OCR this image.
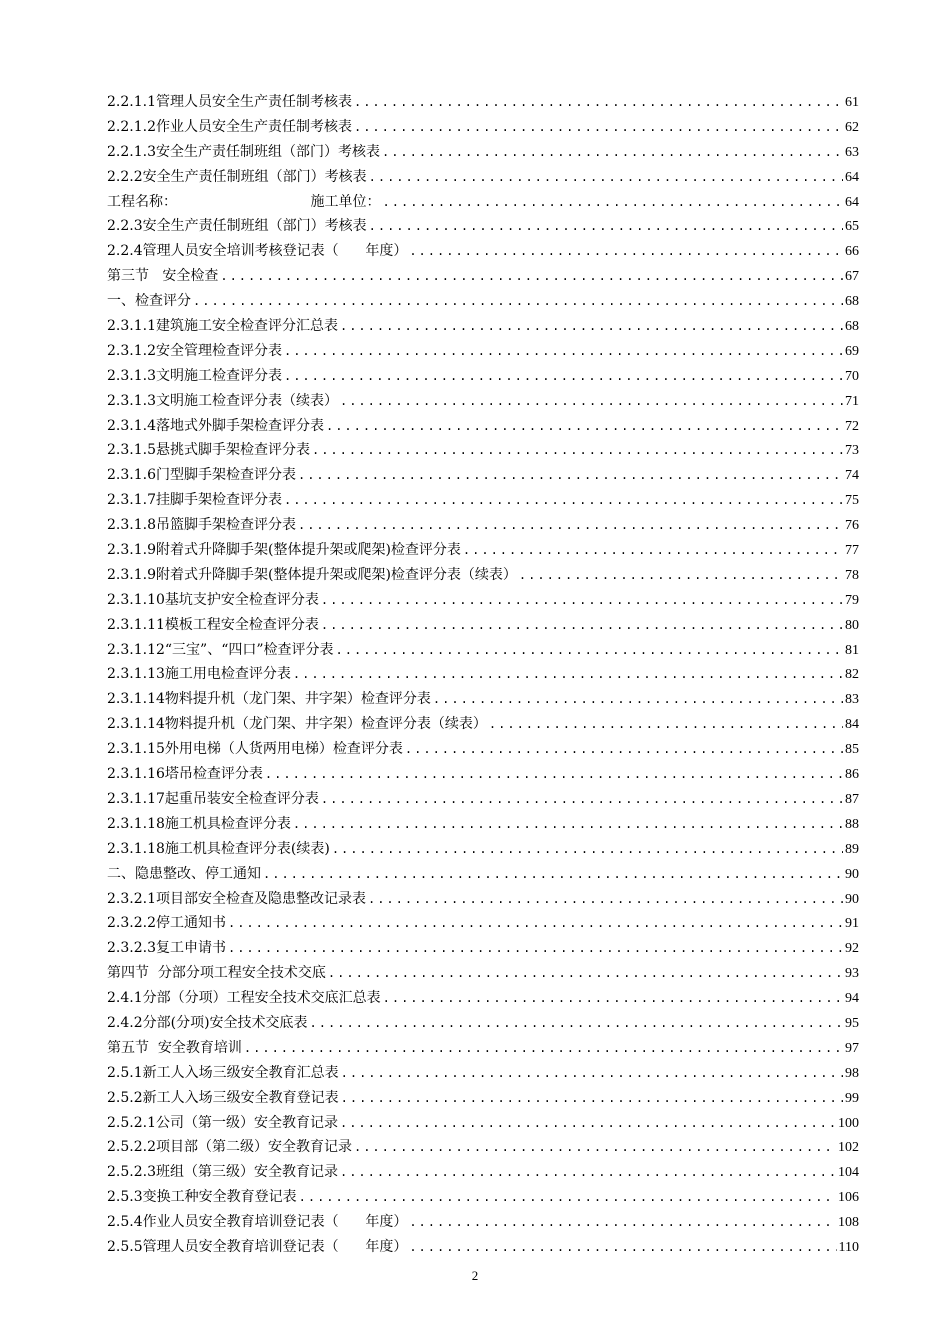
2.2.1.1管理人员安全生产责任制考核表 .....	61
2.2.1.2作业人员安全生产责任制考核表 .....	62
2.2.1.3安全生产责任制班组（部门）考核表 .....	63
2.2.2安全生产责任制班组（部门）考核表 .....	64
工程名称：                              施工单位： .....	64
2.2.3安全生产责任制班组（部门）考核表 .....	65
2.2.4管理人员安全培训考核登记表（      年度） .....	66
第三节   安全检查 .....	67
一、检查评分 .....	68
2.3.1.1建筑施工安全检查评分汇总表 .....	68
2.3.1.2安全管理检查评分表 .....	69
2.3.1.3文明施工检查评分表 .....	70
2.3.1.3文明施工检查评分表（续表） .....	71
2.3.1.4落地式外脚手架检查评分表 .....	72
2.3.1.5悬挑式脚手架检查评分表 .....	73
2.3.1.6门型脚手架检查评分表 .....	74
2.3.1.7挂脚手架检查评分表 .....	75
2.3.1.8吊篮脚手架检查评分表 .....	76
2.3.1.9附着式升降脚手架(整体提升架或爬架)检查评分表 .....	77
2.3.1.9附着式升降脚手架(整体提升架或爬架)检查评分表（续表） .....	78
2.3.1.10基坑支护安全检查评分表 .....	79
2.3.1.11模板工程安全检查评分表 .....	80
2.3.1.12“三宝”、“四口”检查评分表 .....	81
2.3.1.13施工用电检查评分表 .....	82
2.3.1.14物料提升机（龙门架、井字架）检查评分表 .....	83
2.3.1.14物料提升机（龙门架、井字架）检查评分表（续表） .....	84
2.3.1.15外用电梯（人货两用电梯）检查评分表 .....	85
2.3.1.16塔吊检查评分表 .....	86
2.3.1.17起重吊装安全检查评分表 .....	87
2.3.1.18施工机具检查评分表 .....	88
2.3.1.18施工机具检查评分表(续表) .....	89
二、隐患整改、停工通知 .....	90
2.3.2.1项目部安全检查及隐患整改记录表 .....	90
2.3.2.2停工通知书 .....	91
2.3.2.3复工申请书 .....	92
第四节  分部分项工程安全技术交底 .....	93
2.4.1分部（分项）工程安全技术交底汇总表 .....	94
2.4.2分部(分项)安全技术交底表 .....	95
第五节  安全教育培训 .....	97
2.5.1新工人入场三级安全教育汇总表 .....	98
2.5.2新工人入场三级安全教育登记表 .....	99
2.5.2.1公司（第一级）安全教育记录 .....	100
2.5.2.2项目部（第二级）安全教育记录 .....	102
2.5.2.3班组（第三级）安全教育记录 .....	104
2.5.3变换工种安全教育登记表 .....	106
2.5.4作业人员安全教育培训登记表（      年度） .....	108
2.5.5管理人员安全教育培训登记表（      年度） .....	110
2
